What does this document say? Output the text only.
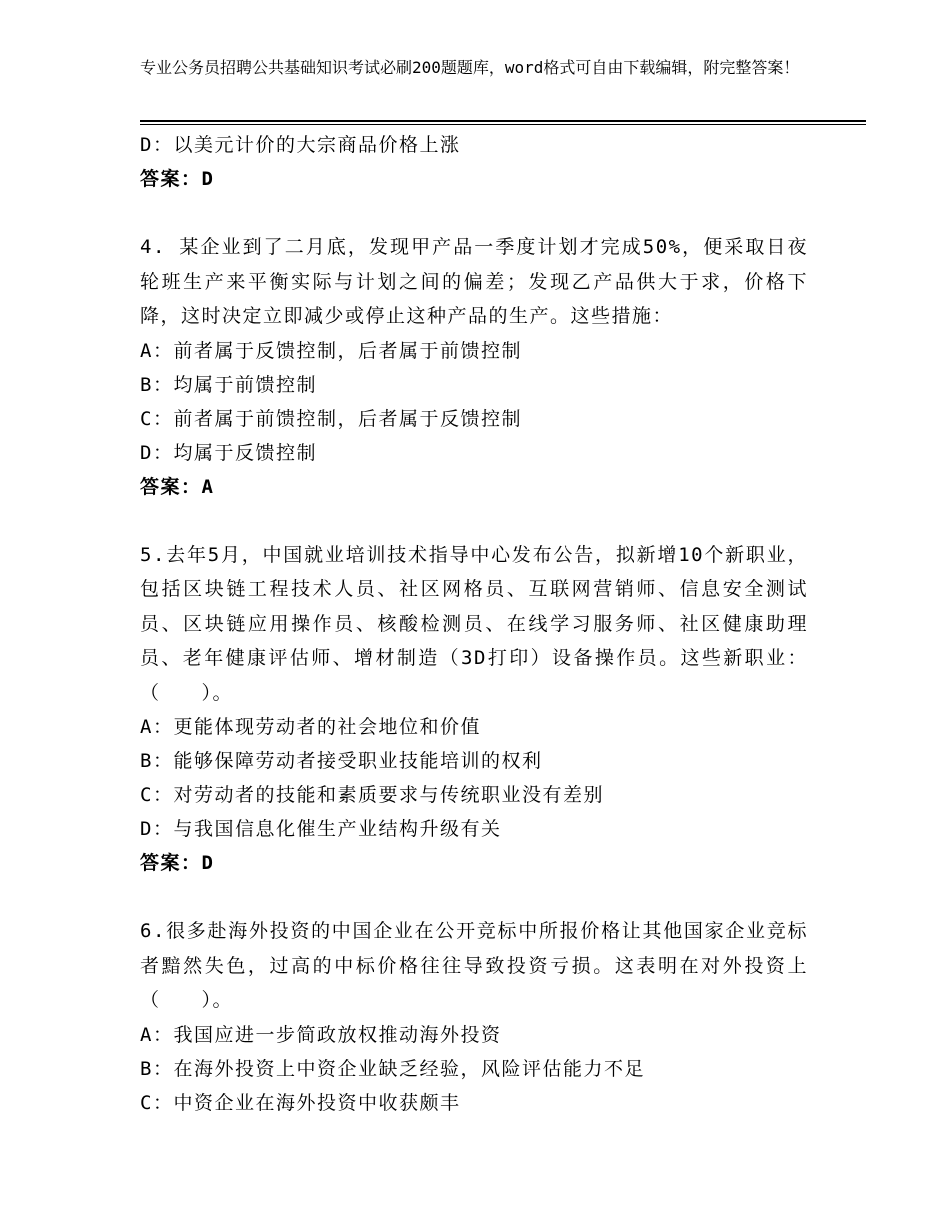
专业公务员招聘公共基础知识考试必刷200题题库，word格式可自由下载编辑，附完整答案！
D：以美元计价的大宗商品价格上涨
答案：D
4. 某企业到了二月底，发现甲产品一季度计划才完成50%，便采取日夜轮班生产来平衡实际与计划之间的偏差；发现乙产品供大于求，价格下降，这时决定立即减少或停止这种产品的生产。这些措施：
A：前者属于反馈控制，后者属于前馈控制
B：均属于前馈控制
C：前者属于前馈控制，后者属于反馈控制
D：均属于反馈控制
答案：A
5.去年5月，中国就业培训技术指导中心发布公告，拟新增10个新职业，包括区块链工程技术人员、社区网格员、互联网营销师、信息安全测试员、区块链应用操作员、核酸检测员、在线学习服务师、社区健康助理员、老年健康评估师、增材制造（3D打印）设备操作员。这些新职业：（　　）。
A：更能体现劳动者的社会地位和价值
B：能够保障劳动者接受职业技能培训的权利
C：对劳动者的技能和素质要求与传统职业没有差别
D：与我国信息化催生产业结构升级有关
答案：D
6.很多赴海外投资的中国企业在公开竞标中所报价格让其他国家企业竞标者黯然失色，过高的中标价格往往导致投资亏损。这表明在对外投资上（　　）。
A：我国应进一步简政放权推动海外投资
B：在海外投资上中资企业缺乏经验，风险评估能力不足
C：中资企业在海外投资中收获颇丰
